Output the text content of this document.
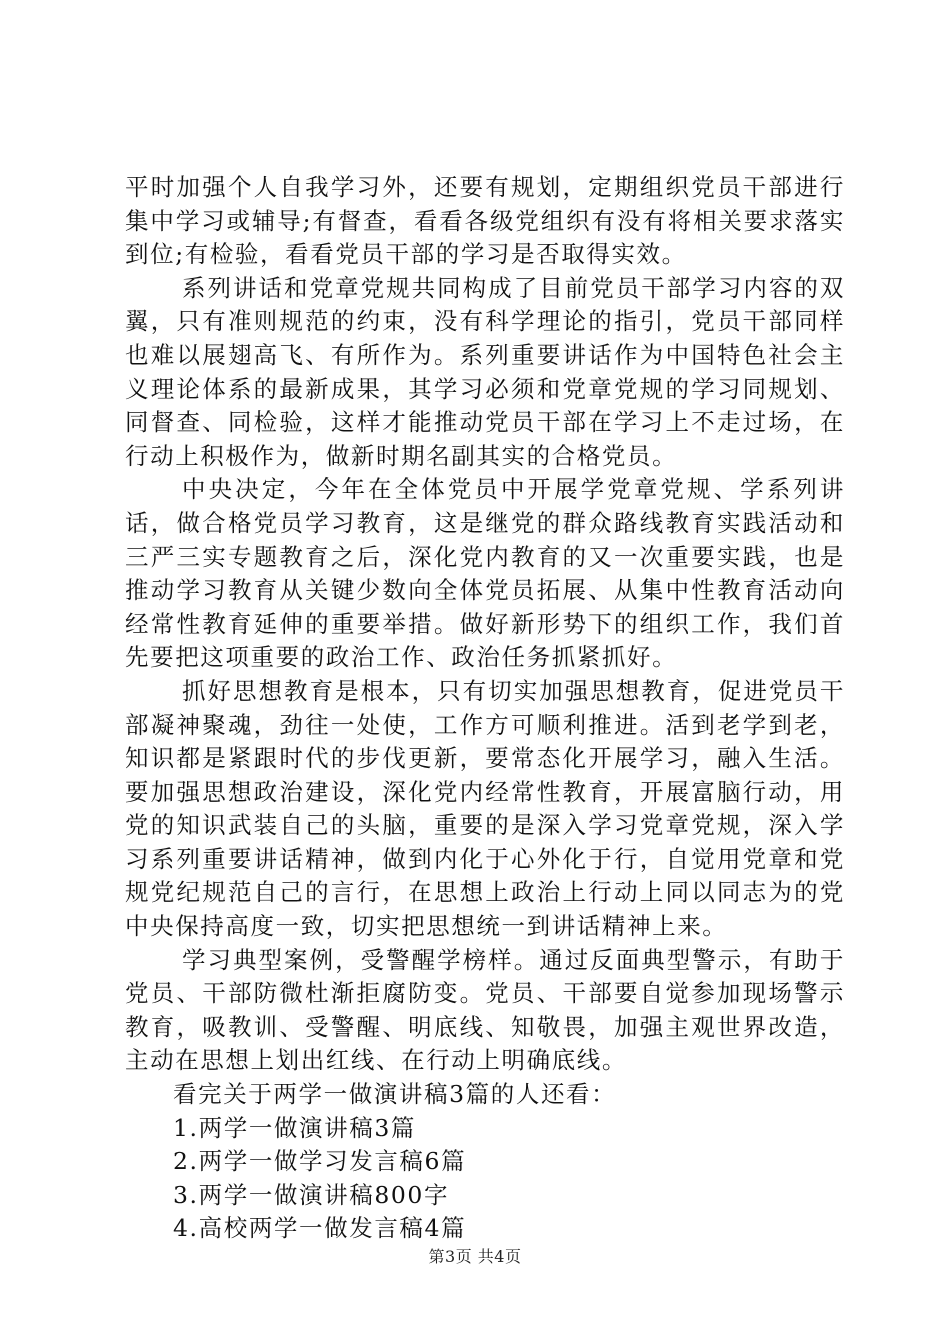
平时加强个人自我学习外，还要有规划，定期组织党员干部进行集中学习或辅导;有督查，看看各级党组织有没有将相关要求落实到位;有检验，看看党员干部的学习是否取得实效。

系列讲话和党章党规共同构成了目前党员干部学习内容的双翼，只有准则规范的约束，没有科学理论的指引，党员干部同样也难以展翅高飞、有所作为。系列重要讲话作为中国特色社会主义理论体系的最新成果，其学习必须和党章党规的学习同规划、同督查、同检验，这样才能推动党员干部在学习上不走过场，在行动上积极作为，做新时期名副其实的合格党员。

中央决定，今年在全体党员中开展学党章党规、学系列讲话，做合格党员学习教育，这是继党的群众路线教育实践活动和三严三实专题教育之后，深化党内教育的又一次重要实践，也是推动学习教育从关键少数向全体党员拓展、从集中性教育活动向经常性教育延伸的重要举措。做好新形势下的组织工作，我们首先要把这项重要的政治工作、政治任务抓紧抓好。

抓好思想教育是根本，只有切实加强思想教育，促进党员干部凝神聚魂，劲往一处使，工作方可顺利推进。活到老学到老，知识都是紧跟时代的步伐更新，要常态化开展学习，融入生活。要加强思想政治建设，深化党内经常性教育，开展富脑行动，用党的知识武装自己的头脑，重要的是深入学习党章党规，深入学习系列重要讲话精神，做到内化于心外化于行，自觉用党章和党规党纪规范自己的言行，在思想上政治上行动上同以同志为的党中央保持高度一致，切实把思想统一到讲话精神上来。

学习典型案例，受警醒学榜样。通过反面典型警示，有助于党员、干部防微杜渐拒腐防变。党员、干部要自觉参加现场警示教育，吸教训、受警醒、明底线、知敬畏，加强主观世界改造，主动在思想上划出红线、在行动上明确底线。

看完关于两学一做演讲稿3篇的人还看：

1.两学一做演讲稿3篇
2.两学一做学习发言稿6篇
3.两学一做演讲稿800字
4.高校两学一做发言稿4篇
第3页 共4页
